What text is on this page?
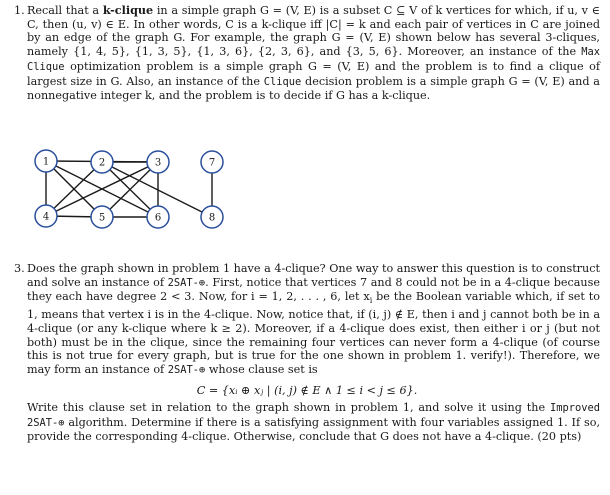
1. Recall that a k-clique in a simple graph G = (V, E) is a subset C ⊆ V of k vertices for which, if u, v ∈ C, then (u, v) ∈ E. In other words, C is a k-clique iff |C| = k and each pair of vertices in C are joined by an edge of the graph G. For example, the graph G = (V, E) shown below has several 3-cliques, namely {1, 4, 5}, {1, 3, 5}, {1, 3, 6}, {2, 3, 6}, and {3, 5, 6}. Moreover, an instance of the Max Clique optimization problem is a simple graph G = (V, E) and the problem is to find a clique of largest size in G. Also, an instance of the Clique decision problem is a simple graph G = (V, E) and a nonnegative integer k, and the problem is to decide if G has a k-clique.
1	2	3	7
4	5	6	8
3. Does the graph shown in problem 1 have a 4-clique? One way to answer this question is to construct and solve an instance of 2SAT-⊕. First, notice that vertices 7 and 8 could not be in a 4-clique because they each have degree 2 < 3. Now, for i = 1, 2, . . . , 6, let $x_i$ be the Boolean variable which, if set to 1, means that vertex i is in the 4-clique. Now, notice that, if (i, j) ∉ E, then i and j cannot both be in a 4-clique (or any k-clique where k ≥ 2). Moreover, if a 4-clique does exist, then either i or j (but not both) must be in the clique, since the remaining four vertices can never form a 4-clique (of course this is not true for every graph, but is true for the one shown in problem 1. verify!). Therefore, we may form an instance of 2SAT-⊕ whose clause set is
C = {xᵢ ⊕ xⱼ | (i, j) ∉ E ∧ 1 ≤ i < j ≤ 6}.
Write this clause set in relation to the graph shown in problem 1, and solve it using the Improved 2SAT-⊕ algorithm. Determine if there is a satisfying assignment with four variables assigned 1. If so, provide the corresponding 4-clique. Otherwise, conclude that G does not have a 4-clique. (20 pts)
